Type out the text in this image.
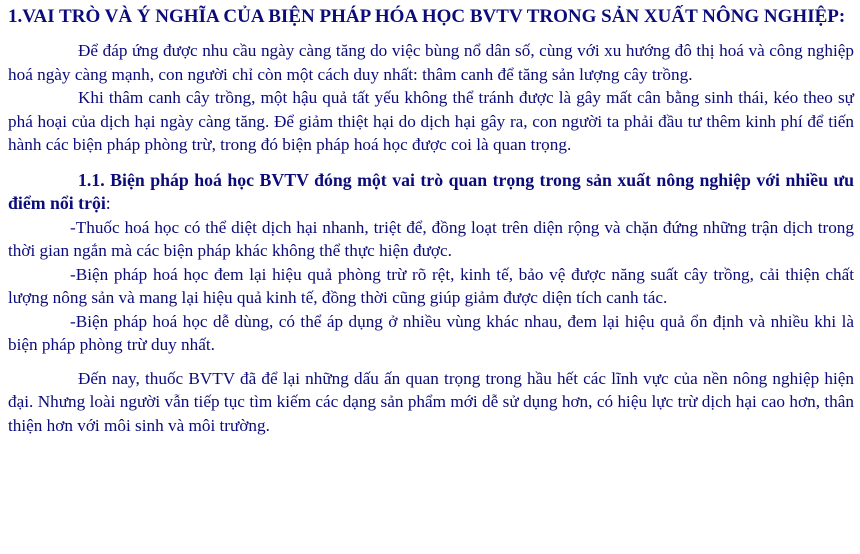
1.VAI TRÒ VÀ Ý NGHĨA CỦA BIỆN PHÁP HÓA HỌC BVTV TRONG SẢN XUẤT NÔNG NGHIỆP:

Để đáp ứng được nhu cầu ngày càng tăng do việc bùng nổ dân số, cùng với xu hướng đô thị hoá và công nghiệp hoá ngày càng mạnh, con người chỉ còn một cách duy nhất: thâm canh để tăng sản lượng cây trồng.

Khi thâm canh cây trồng, một hậu quả tất yếu không thể tránh được là gây mất cân bằng sinh thái, kéo theo sự phá hoại của dịch hại ngày càng tăng. Để giảm thiệt hại do dịch hại gây ra, con người ta phải đầu tư thêm kinh phí để tiến hành các biện pháp phòng trừ, trong đó biện pháp hoá học được coi là quan trọng.

1.1. Biện pháp hoá học BVTV đóng một vai trò quan trọng trong sản xuất nông nghiệp với nhiều ưu điểm nổi trội:

-Thuốc hoá học có thể diệt dịch hại nhanh, triệt để, đồng loạt trên diện rộng và chặn đứng những trận dịch trong thời gian ngắn mà các biện pháp khác không thể thực hiện được.

-Biện pháp hoá học đem lại hiệu quả phòng trừ rõ rệt, kinh tế, bảo vệ được năng suất cây trồng, cải thiện chất lượng nông sản và mang lại hiệu quả kinh tế, đồng thời cũng giúp giảm được diện tích canh tác.

-Biện pháp hoá học dễ dùng, có thể áp dụng ở nhiều vùng khác nhau, đem lại hiệu quả ổn định và nhiều khi là biện pháp phòng trừ duy nhất.

Đến nay, thuốc BVTV đã để lại những dấu ấn quan trọng trong hầu hết các lĩnh vực của nền nông nghiệp hiện đại. Nhưng loài người vẫn tiếp tục tìm kiếm các dạng sản phẩm mới dễ sử dụng hơn, có hiệu lực trừ dịch hại cao hơn, thân thiện hơn với môi sinh và môi trường.
